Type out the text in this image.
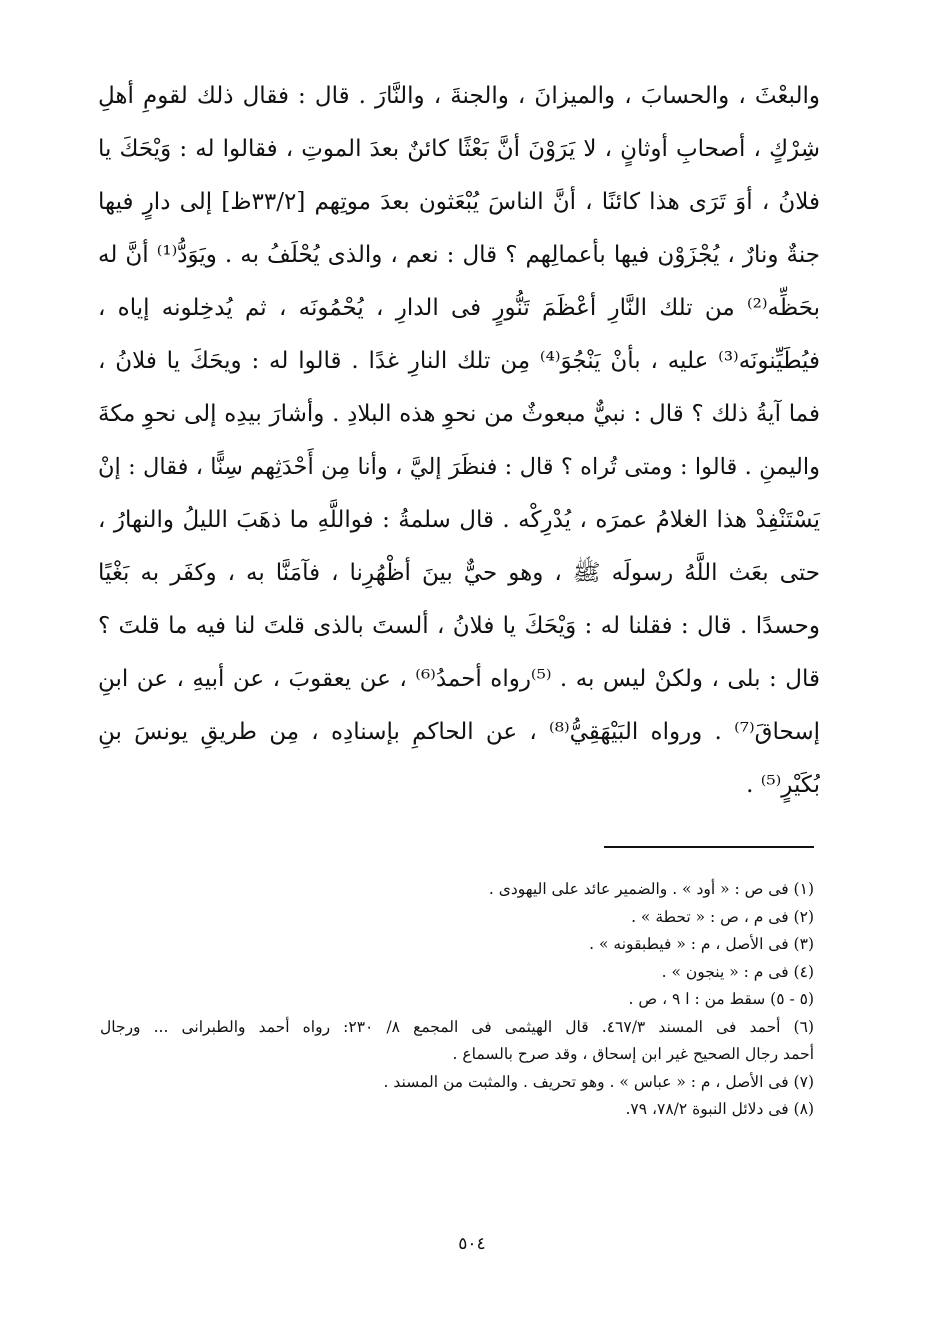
والبعْثَ ، والحسابَ ، والميزانَ ، والجنةَ ، والنَّارَ . قال : فقال ذلك لقومِ أهلِ
شِرْكٍ ، أصحابِ أوثانٍ ، لا يَرَوْنَ أنَّ بَعْثًا كائنٌ بعدَ الموتِ ، فقالوا له : وَيْحَكَ يا
فلانُ ، أوَ تَرَى هذا كائنًا ، أنَّ الناسَ يُبْعَثون بعدَ موتِهم [٣٣/٢ظ] إلى دارٍ فيها
جنةٌ ونارٌ ، يُجْزَوْن فيها بأعمالِهم ؟ قال : نعم ، والذى يُحْلَفُ به . ويَوَدُّ⁽¹⁾ أنَّ له
بحَظِّه⁽²⁾ من تلك النَّارِ أعْظَمَ تَنُّورٍ فى الدارِ ، يُحْمُونَه ، ثم يُدخِلونه إياه ،
فيُطَيِّنونَه⁽³⁾ عليه ، بأنْ يَنْجُوَ⁽⁴⁾ مِن تلك النارِ غدًا . قالوا له : ويحَكَ يا فلانُ ،
فما آيةُ ذلك ؟ قال : نبيٌّ مبعوثٌ من نحوِ هذه البلادِ . وأشارَ بيدِه إلى نحوِ مكةَ
واليمنِ . قالوا : ومتى تُراه ؟ قال : فنظَرَ إليَّ ، وأنا مِن أَحْدَثِهم سِنًّا ، فقال : إنْ
يَسْتَنْفِدْ هذا الغلامُ عمرَه ، يُدْرِكْه . قال سلمةُ : فواللَّهِ ما ذهَبَ الليلُ والنهارُ ،
حتى بعَث اللَّهُ رسولَه ﷺ ، وهو حيٌّ بينَ أظْهُرِنا ، فآمَنَّا به ، وكفَر به بَغْيًا
وحسدًا . قال : فقلنا له : وَيْحَكَ يا فلانُ ، ألستَ بالذى قلتَ لنا فيه ما قلتَ ؟
قال : بلى ، ولكنْ ليس به . ⁽⁵⁾رواه أحمدُ⁽⁶⁾ ، عن يعقوبَ ، عن أبيهِ ، عن ابنِ
إسحاقَ⁽⁷⁾ . ورواه البَيْهَقِيُّ⁽⁸⁾ ، عن الحاكمِ بإسنادِه ، مِن طريقِ يونسَ بنِ
بُكَيْرٍ⁽⁵⁾ .
(١) فى ص : « أود » . والضمير عائد على اليهودى .
(٢) فى م ، ص : « تحطة » .
(٣) فى الأصل ، م : « فيطبقونه » .
(٤) فى م : « ينجون » .
(٥ - ٥) سقط من : ا ٩ ، ص .
(٦) أحمد فى المسند ٤٦٧/٣. قال الهيثمى فى المجمع ٨/ ٢٣٠: رواه أحمد والطبرانى ... ورجال
أحمد رجال الصحيح غير ابن إسحاق ، وقد صرح بالسماع .
(٧) فى الأصل ، م : « عباس » . وهو تحريف . والمثبت من المسند .
(٨) فى دلائل النبوة ٧٨/٢، ٧٩.
٥٠٤
